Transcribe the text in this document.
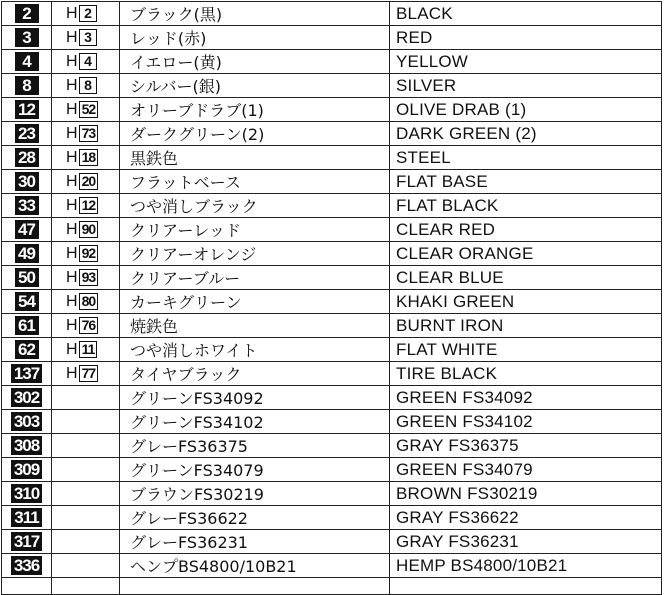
2	H 2	ブラック(黒)	BLACK
3	H 3	レッド(赤)	RED
4	H 4	イエロー(黄)	YELLOW
8	H 8	シルバー(銀)	SILVER
12	H 52	オリーブドラブ(1)	OLIVE DRAB (1)
23	H 73	ダークグリーン(2)	DARK GREEN (2)
28	H 18	黒鉄色	STEEL
30	H 20	フラットベース	FLAT BASE
33	H 12	つや消しブラック	FLAT BLACK
47	H 90	クリアーレッド	CLEAR RED
49	H 92	クリアーオレンジ	CLEAR ORANGE
50	H 93	クリアーブルー	CLEAR BLUE
54	H 80	カーキグリーン	KHAKI GREEN
61	H 76	焼鉄色	BURNT IRON
62	H 11	つや消しホワイト	FLAT WHITE
137	H 77	タイヤブラック	TIRE BLACK
302		グリーンFS34092	GREEN FS34092
303		グリーンFS34102	GREEN FS34102
308		グレーFS36375	GRAY FS36375
309		グリーンFS34079	GREEN FS34079
310		ブラウンFS30219	BROWN FS30219
311		グレーFS36622	GRAY FS36622
317		グレーFS36231	GRAY FS36231
336		ヘンプBS4800/10B21	HEMP BS4800/10B21
